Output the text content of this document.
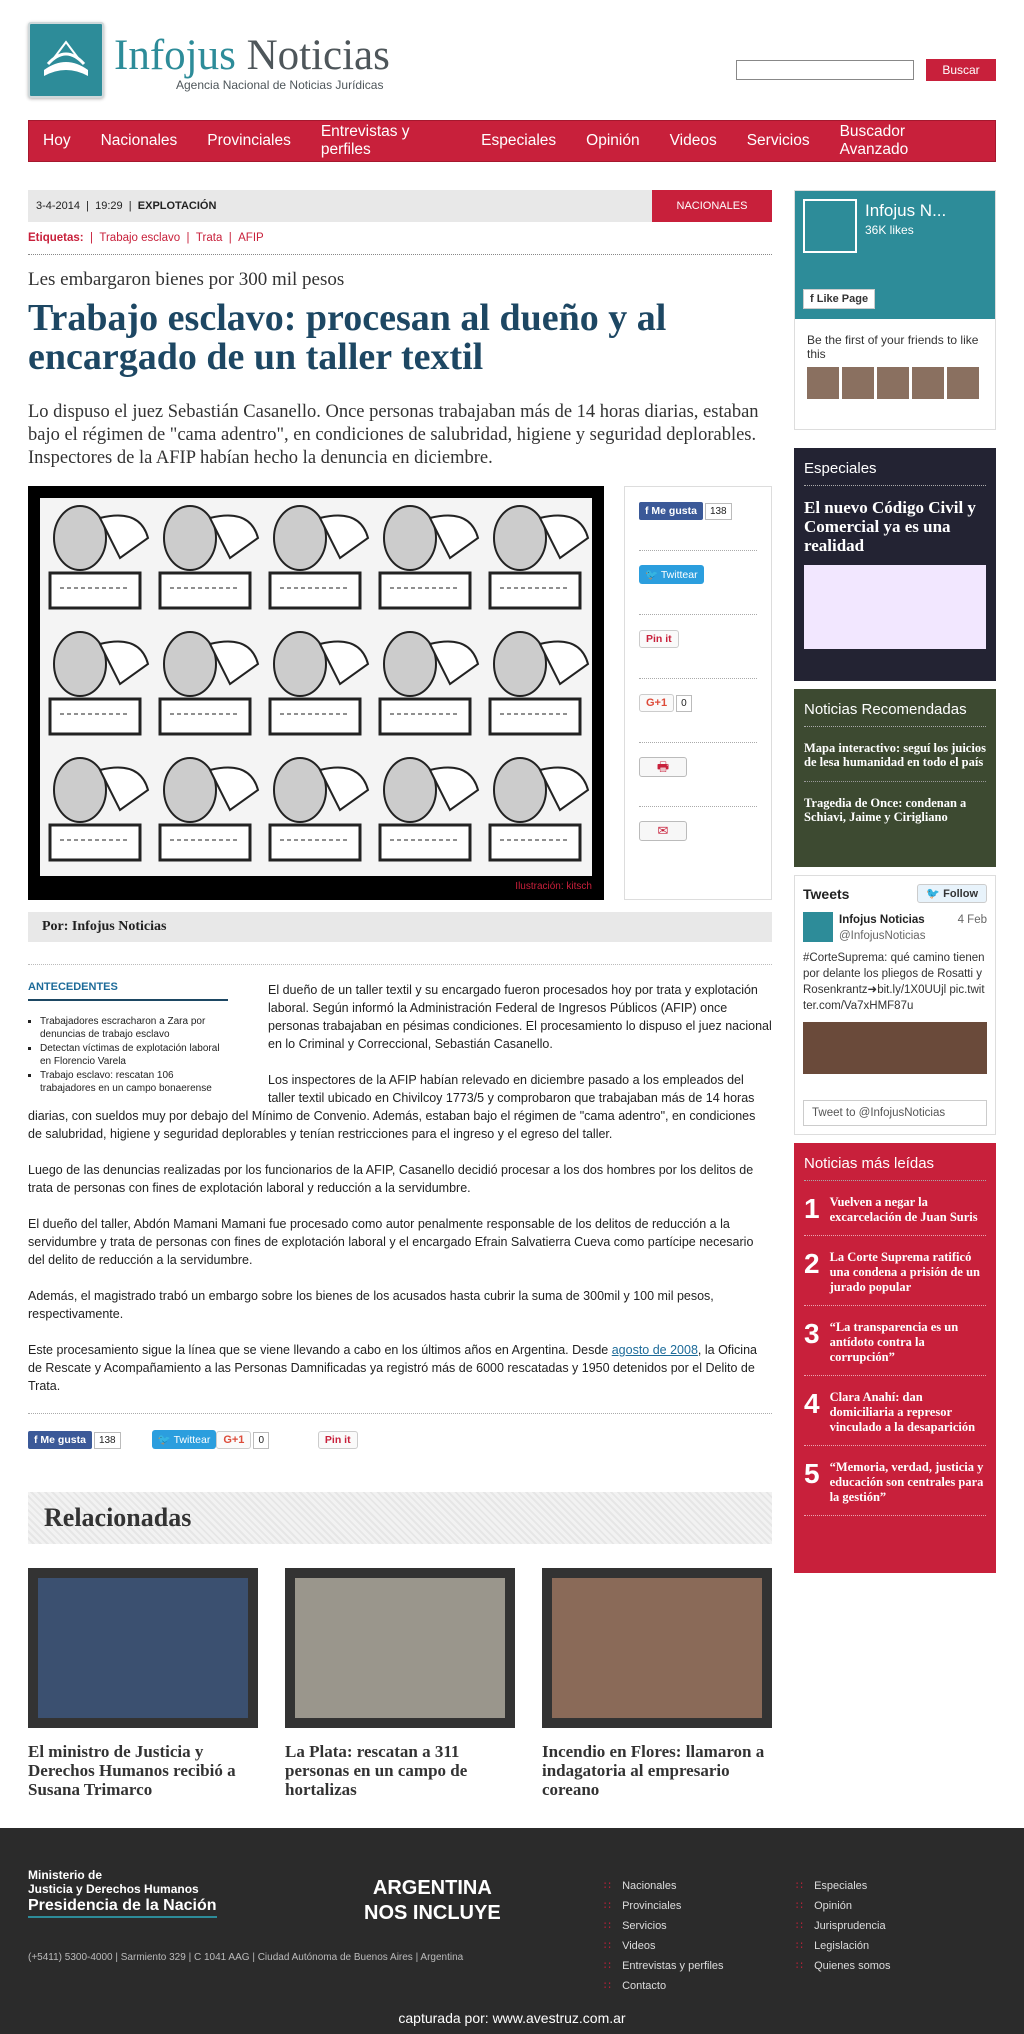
Infojus Noticias
Agencia Nacional de Noticias Jurídicas
Buscar
Hoy Nacionales Provinciales
Entrevistas y perfiles
Especiales Opinión Videos Servicios
Buscador Avanzado
3-4-2014  |  19:29  |  EXPLOTACIÓN	NACIONALES
Etiquetas:  |  Trabajo esclavo  |  Trata  |  AFIP
Les embargaron bienes por 300 mil pesos
Trabajo esclavo: procesan al dueño y al encargado de un taller textil

Lo dispuso el juez Sebastián Casanello. Once personas trabajaban más de 14 horas diarias, estaban bajo el régimen de "cama adentro", en condiciones de salubridad, higiene y seguridad deplorables. Inspectores de la AFIP habían hecho la denuncia en diciembre.

Ilustración: kitsch
f Me gusta 138
🐦 Twittear
Pin it
G+1 0
🖶
✉
Por: Infojus Noticias
ANTECEDENTES
▪ Trabajadores escracharon a Zara por denuncias de trabajo esclavo
▪ Detectan víctimas de explotación laboral en Florencio Varela
▪ Trabajo esclavo: rescatan 106 trabajadores en un campo bonaerense

El dueño de un taller textil y su encargado fueron procesados hoy por trata y explotación laboral. Según informó la Administración Federal de Ingresos Públicos (AFIP) once personas trabajaban en pésimas condiciones. El procesamiento lo dispuso el juez nacional en lo Criminal y Correccional, Sebastián Casanello.

Los inspectores de la AFIP habían relevado en diciembre pasado a los empleados del taller textil ubicado en Chivilcoy 1773/5 y comprobaron que trabajaban más de 14 horas diarias, con sueldos muy por debajo del Mínimo de Convenio. Además, estaban bajo el régimen de "cama adentro", en condiciones de salubridad, higiene y seguridad deplorables y tenían restricciones para el ingreso y el egreso del taller.

Luego de las denuncias realizadas por los funcionarios de la AFIP, Casanello decidió procesar a los dos hombres por los delitos de trata de personas con fines de explotación laboral y reducción a la servidumbre.

El dueño del taller, Abdón Mamani Mamani fue procesado como autor penalmente responsable de los delitos de reducción a la servidumbre y trata de personas con fines de explotación laboral y el encargado Efrain Salvatierra Cueva como partícipe necesario del delito de reducción a la servidumbre.

Además, el magistrado trabó un embargo sobre los bienes de los acusados hasta cubrir la suma de 300mil y 100 mil pesos, respectivamente.

Este procesamiento sigue la línea que se viene llevando a cabo en los últimos años en Argentina. Desde agosto de 2008, la Oficina de Rescate y Acompañamiento a las Personas Damnificadas ya registró más de 6000 rescatadas y 1950 detenidos por el Delito de Trata.

f Me gusta 138	🐦 Twittear G+1 0	Pin it
Relacionadas
El ministro de Justicia y Derechos Humanos recibió a Susana Trimarco
La Plata: rescatan a 311 personas en un campo de hortalizas
Incendio en Flores: llamaron a indagatoria al empresario coreano
Infojus N...
36K likes
f Like Page
Be the first of your friends to like this
Especiales
El nuevo Código Civil y Comercial ya es una realidad
Noticias Recomendadas
Mapa interactivo: seguí los juicios de lesa humanidad en todo el país
Tragedia de Once: condenan a Schiavi, Jaime y Cirigliano
Tweets	🐦 Follow
Infojus Noticias
@InfojusNoticias
4 Feb
#CorteSuprema: qué camino tienen por delante los pliegos de Rosatti y Rosenkrantz➜bit.ly/1X0UUjl pic.twitter.com/Va7xHMF87u
Tweet to @InfojusNoticias
Noticias más leídas
1 Vuelven a negar la excarcelación de Juan Suris
2 La Corte Suprema ratificó una condena a prisión de un jurado popular
3 “La transparencia es un antídoto contra la corrupción”
4 Clara Anahí: dan domiciliaria a represor vinculado a la desaparición
5 “Memoria, verdad, justicia y educación son centrales para la gestión”
Ministerio de
Justicia y Derechos Humanos
Presidencia de la Nación
ARGENTINA
NOS INCLUYE
(+5411) 5300-4000 | Sarmiento 329 | C 1041 AAG | Ciudad Autónoma de Buenos Aires | Argentina
∷ Nacionales
∷ Provinciales
∷ Servicios
∷ Videos
∷ Entrevistas y perfiles
∷ Contacto
∷ Especiales
∷ Opinión
∷ Jurisprudencia
∷ Legislación
∷ Quienes somos
capturada por: www.avestruz.com.ar
